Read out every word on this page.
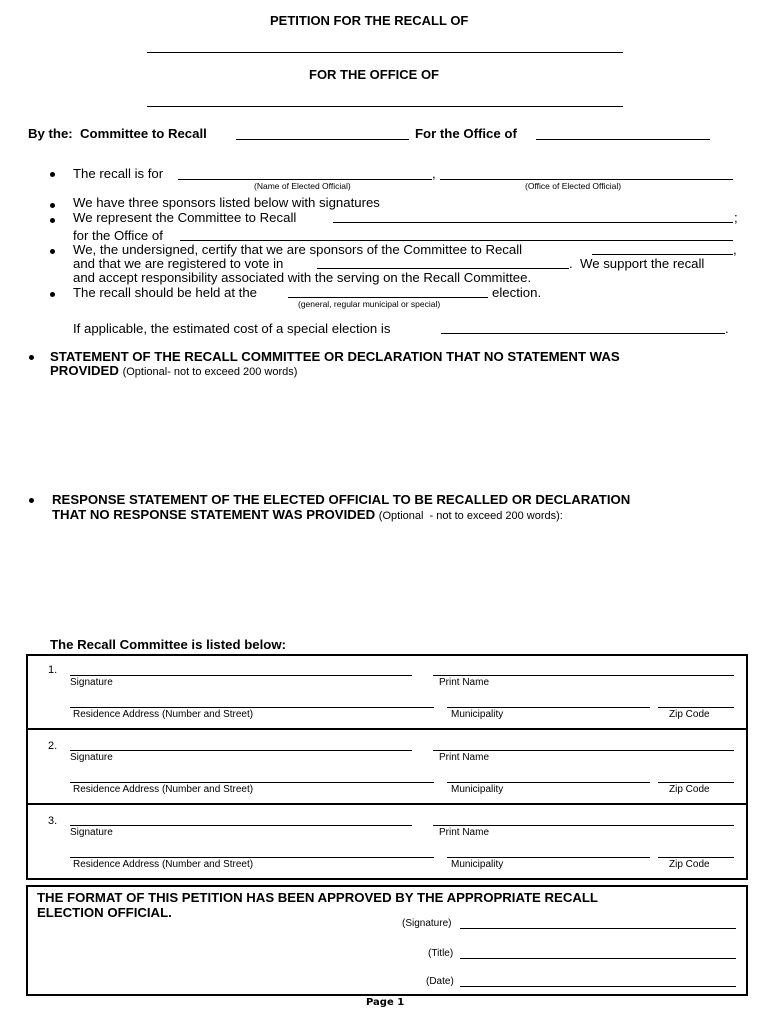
PETITION FOR THE RECALL OF
FOR THE OFFICE OF
By the:  Committee to Recall	For the Office of
The recall is for	,
(Name of Elected Official)	(Office of Elected Official)
We have three sponsors listed below with signatures
We represent the Committee to Recall	;
for the Office of
We, the undersigned, certify that we are sponsors of the Committee to Recall	,
and that we are registered to vote in	.  We support the recall
and accept responsibility associated with the serving on the Recall Committee.
The recall should be held at the	election.
(general, regular municipal or special)
If applicable, the estimated cost of a special election is	.
STATEMENT OF THE RECALL COMMITTEE OR DECLARATION THAT NO STATEMENT WAS
PROVIDED (Optional- not to exceed 200 words)
RESPONSE STATEMENT OF THE ELECTED OFFICIAL TO BE RECALLED OR DECLARATION
THAT NO RESPONSE STATEMENT WAS PROVIDED (Optional  - not to exceed 200 words):
The Recall Committee is listed below:
1.
Signature	Print Name
Residence Address (Number and Street)	Municipality	Zip Code
2.
Signature	Print Name
Residence Address (Number and Street)	Municipality	Zip Code
3.
Signature	Print Name
Residence Address (Number and Street)	Municipality	Zip Code
THE FORMAT OF THIS PETITION HAS BEEN APPROVED BY THE APPROPRIATE RECALL
ELECTION OFFICIAL.
(Signature)
(Title)
(Date)
Page 1
